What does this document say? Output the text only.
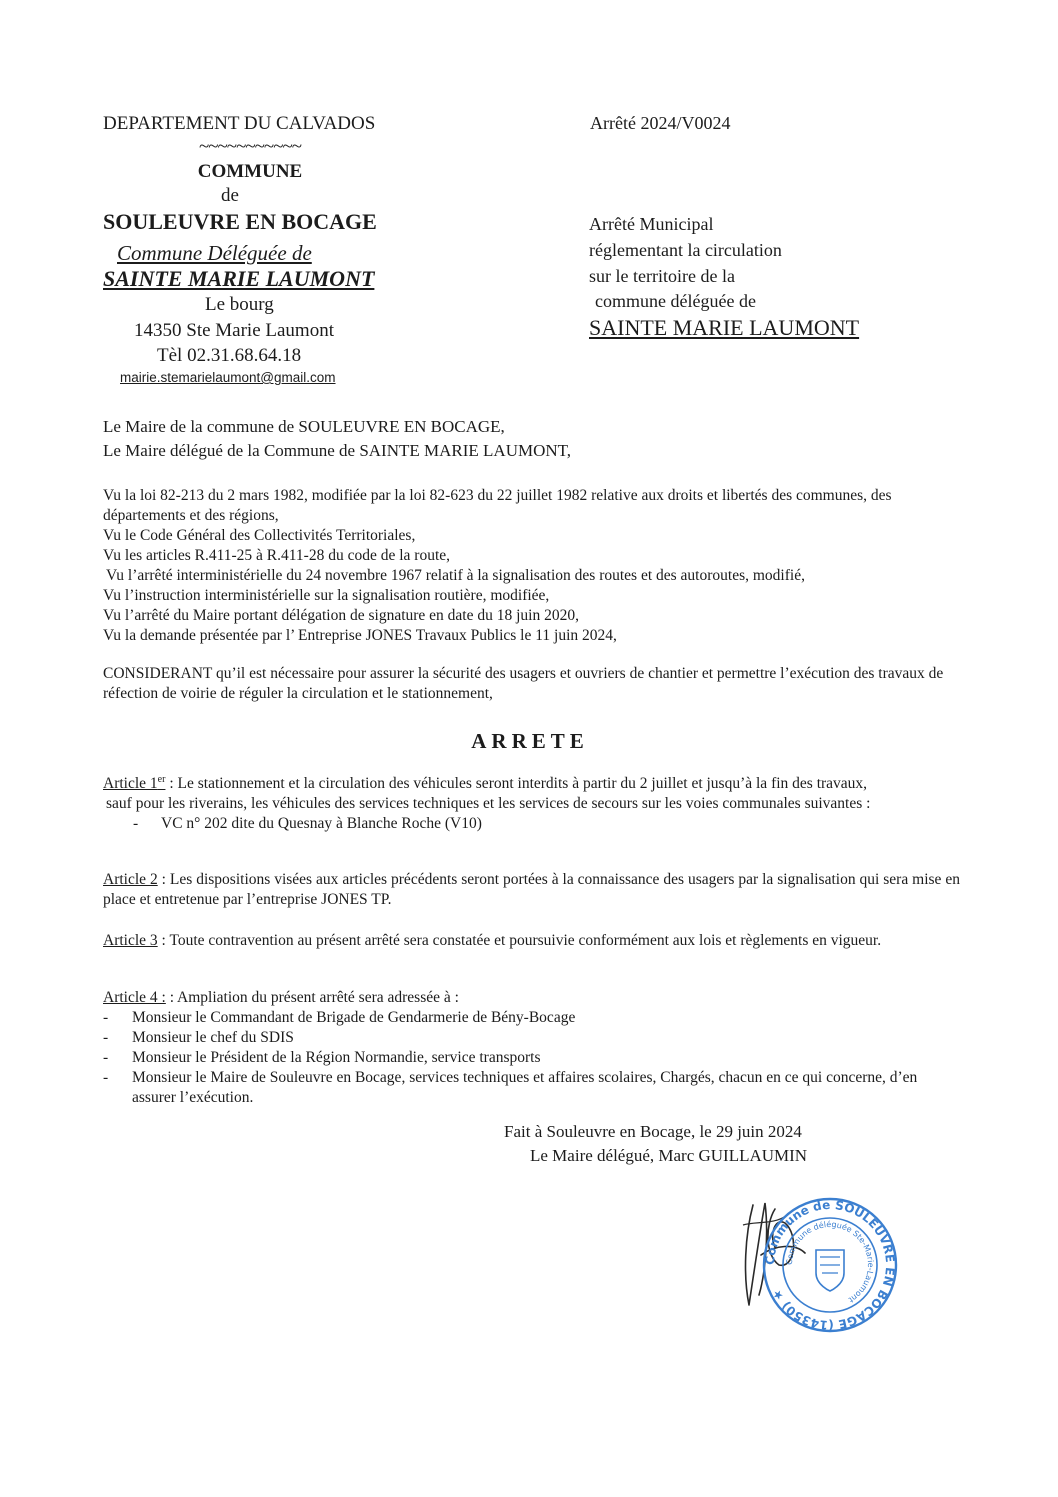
DEPARTEMENT DU CALVADOS
~~~~~~~~~~~
COMMUNE
de
SOULEUVRE EN BOCAGE
Commune Déléguée de
SAINTE MARIE LAUMONT
Le bourg
14350 Ste Marie Laumont
Tèl 02.31.68.64.18
mairie.stemarielaumont@gmail.com
Arrêté 2024/V0024
Arrêté Municipal
réglementant la circulation
sur le territoire de la
commune déléguée de
SAINTE MARIE LAUMONT
Le Maire de la commune de SOULEUVRE EN BOCAGE,
Le Maire délégué de la Commune de SAINTE MARIE LAUMONT,
Vu la loi 82-213 du 2 mars 1982, modifiée par la loi 82-623 du 22 juillet 1982 relative aux droits et libertés des communes, des départements et des régions,
Vu le Code Général des Collectivités Territoriales,
Vu les articles R.411-25 à R.411-28 du code de la route,
Vu l’arrêté interministérielle du 24 novembre 1967 relatif à la signalisation des routes et des autoroutes, modifié,
Vu l’instruction interministérielle sur la signalisation routière, modifiée,
Vu l’arrêté du Maire portant délégation de signature en date du 18 juin 2020,
Vu la demande présentée par l’ Entreprise JONES Travaux Publics le 11 juin 2024,
CONSIDERANT qu’il est nécessaire pour assurer la sécurité des usagers et ouvriers de chantier et permettre l’exécution des travaux de réfection de voirie de réguler la circulation et le stationnement,
ARRETE
Article 1er : Le stationnement et la circulation des véhicules seront interdits à partir du 2 juillet et jusqu’à la fin des travaux,
sauf pour les riverains, les véhicules des services techniques et les services de secours sur les voies communales suivantes :
- VC n° 202 dite du Quesnay à Blanche Roche (V10)
Article 2 : Les dispositions visées aux articles précédents seront portées à la connaissance des usagers par la signalisation qui sera mise en place et entretenue par l’entreprise JONES TP.
Article 3 : Toute contravention au présent arrêté sera constatée et poursuivie conformément aux lois et règlements en vigueur.
Article 4 : : Ampliation du présent arrêté sera adressée à :
- Monsieur le Commandant de Brigade de Gendarmerie de Bény-Bocage
- Monsieur le chef du SDIS
- Monsieur le Président de la Région Normandie, service transports
- Monsieur le Maire de Souleuvre en Bocage, services techniques et affaires scolaires, Chargés, chacun en ce qui concerne, d’en assurer l’exécution.
Fait à Souleuvre en Bocage, le 29 juin 2024
Le Maire délégué, Marc GUILLAUMIN
Commune de SOULEUVRE EN BOCAGE (14350) ★
Commune déléguée Ste-Marie-Laumont
